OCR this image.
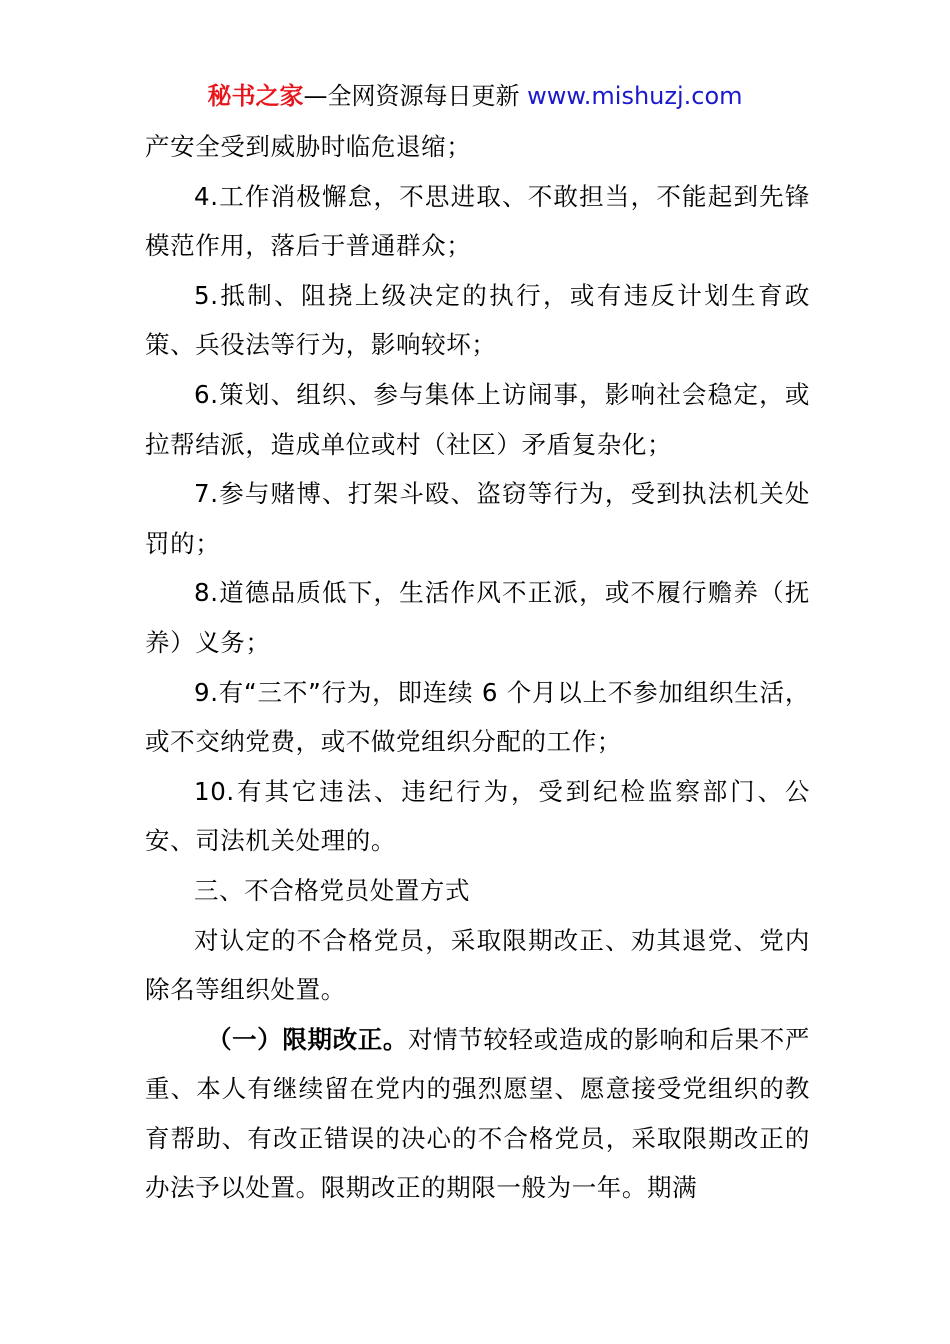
秘书之家—全网资源每日更新 www.mishuzj.com

产安全受到威胁时临危退缩；

4.工作消极懈怠，不思进取、不敢担当，不能起到先锋模范作用，落后于普通群众；

5.抵制、阻挠上级决定的执行，或有违反计划生育政策、兵役法等行为，影响较坏；

6.策划、组织、参与集体上访闹事，影响社会稳定，或拉帮结派，造成单位或村（社区）矛盾复杂化；

7.参与赌博、打架斗殴、盗窃等行为，受到执法机关处罚的；

8.道德品质低下，生活作风不正派，或不履行赡养（抚养）义务；

9.有“三不”行为，即连续 6 个月以上不参加组织生活，或不交纳党费，或不做党组织分配的工作；

10.有其它违法、违纪行为，受到纪检监察部门、公安、司法机关处理的。

三、不合格党员处置方式

对认定的不合格党员，采取限期改正、劝其退党、党内除名等组织处置。

（一）限期改正。对情节较轻或造成的影响和后果不严重、本人有继续留在党内的强烈愿望、愿意接受党组织的教育帮助、有改正错误的决心的不合格党员，采取限期改正的办法予以处置。限期改正的期限一般为一年。期满
